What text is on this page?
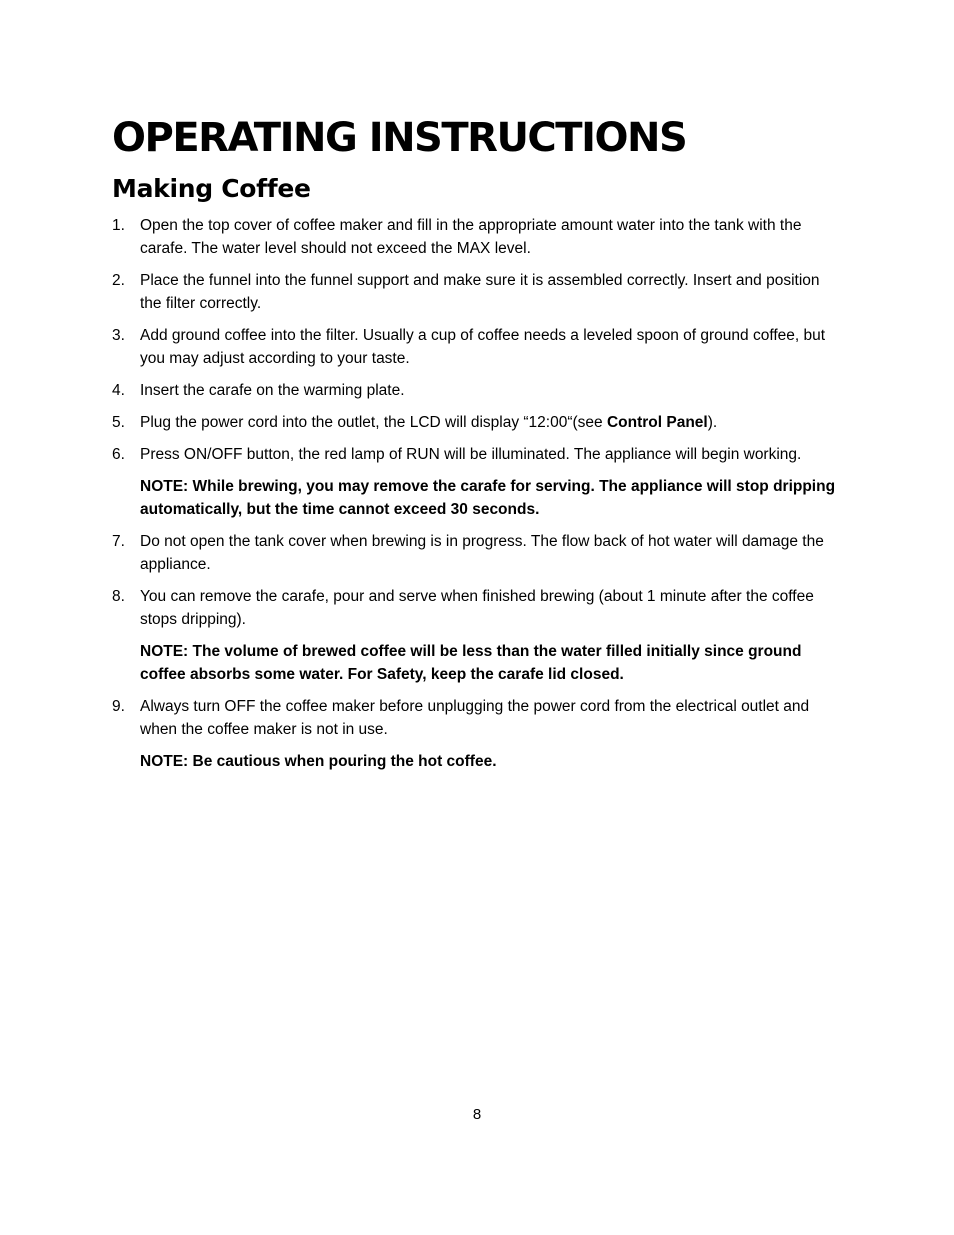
OPERATING INSTRUCTIONS
Making Coffee
1. Open the top cover of coffee maker and fill in the appropriate amount water into the tank with the carafe. The water level should not exceed the MAX level.
2. Place the funnel into the funnel support and make sure it is assembled correctly. Insert and position the filter correctly.
3. Add ground coffee into the filter. Usually a cup of coffee needs a leveled spoon of ground coffee, but you may adjust according to your taste.
4. Insert the carafe on the warming plate.
5. Plug the power cord into the outlet, the LCD will display “12:00“(see Control Panel).
6. Press ON/OFF button, the red lamp of RUN will be illuminated. The appliance will begin working.
NOTE: While brewing, you may remove the carafe for serving. The appliance will stop dripping automatically, but the time cannot exceed 30 seconds.
7. Do not open the tank cover when brewing is in progress. The flow back of hot water will damage the appliance.
8. You can remove the carafe, pour and serve when finished brewing (about 1 minute after the coffee stops dripping).
NOTE: The volume of brewed coffee will be less than the water filled initially since ground coffee absorbs some water. For Safety, keep the carafe lid closed.
9. Always turn OFF the coffee maker before unplugging the power cord from the electrical outlet and when the coffee maker is not in use.
NOTE: Be cautious when pouring the hot coffee.
8
